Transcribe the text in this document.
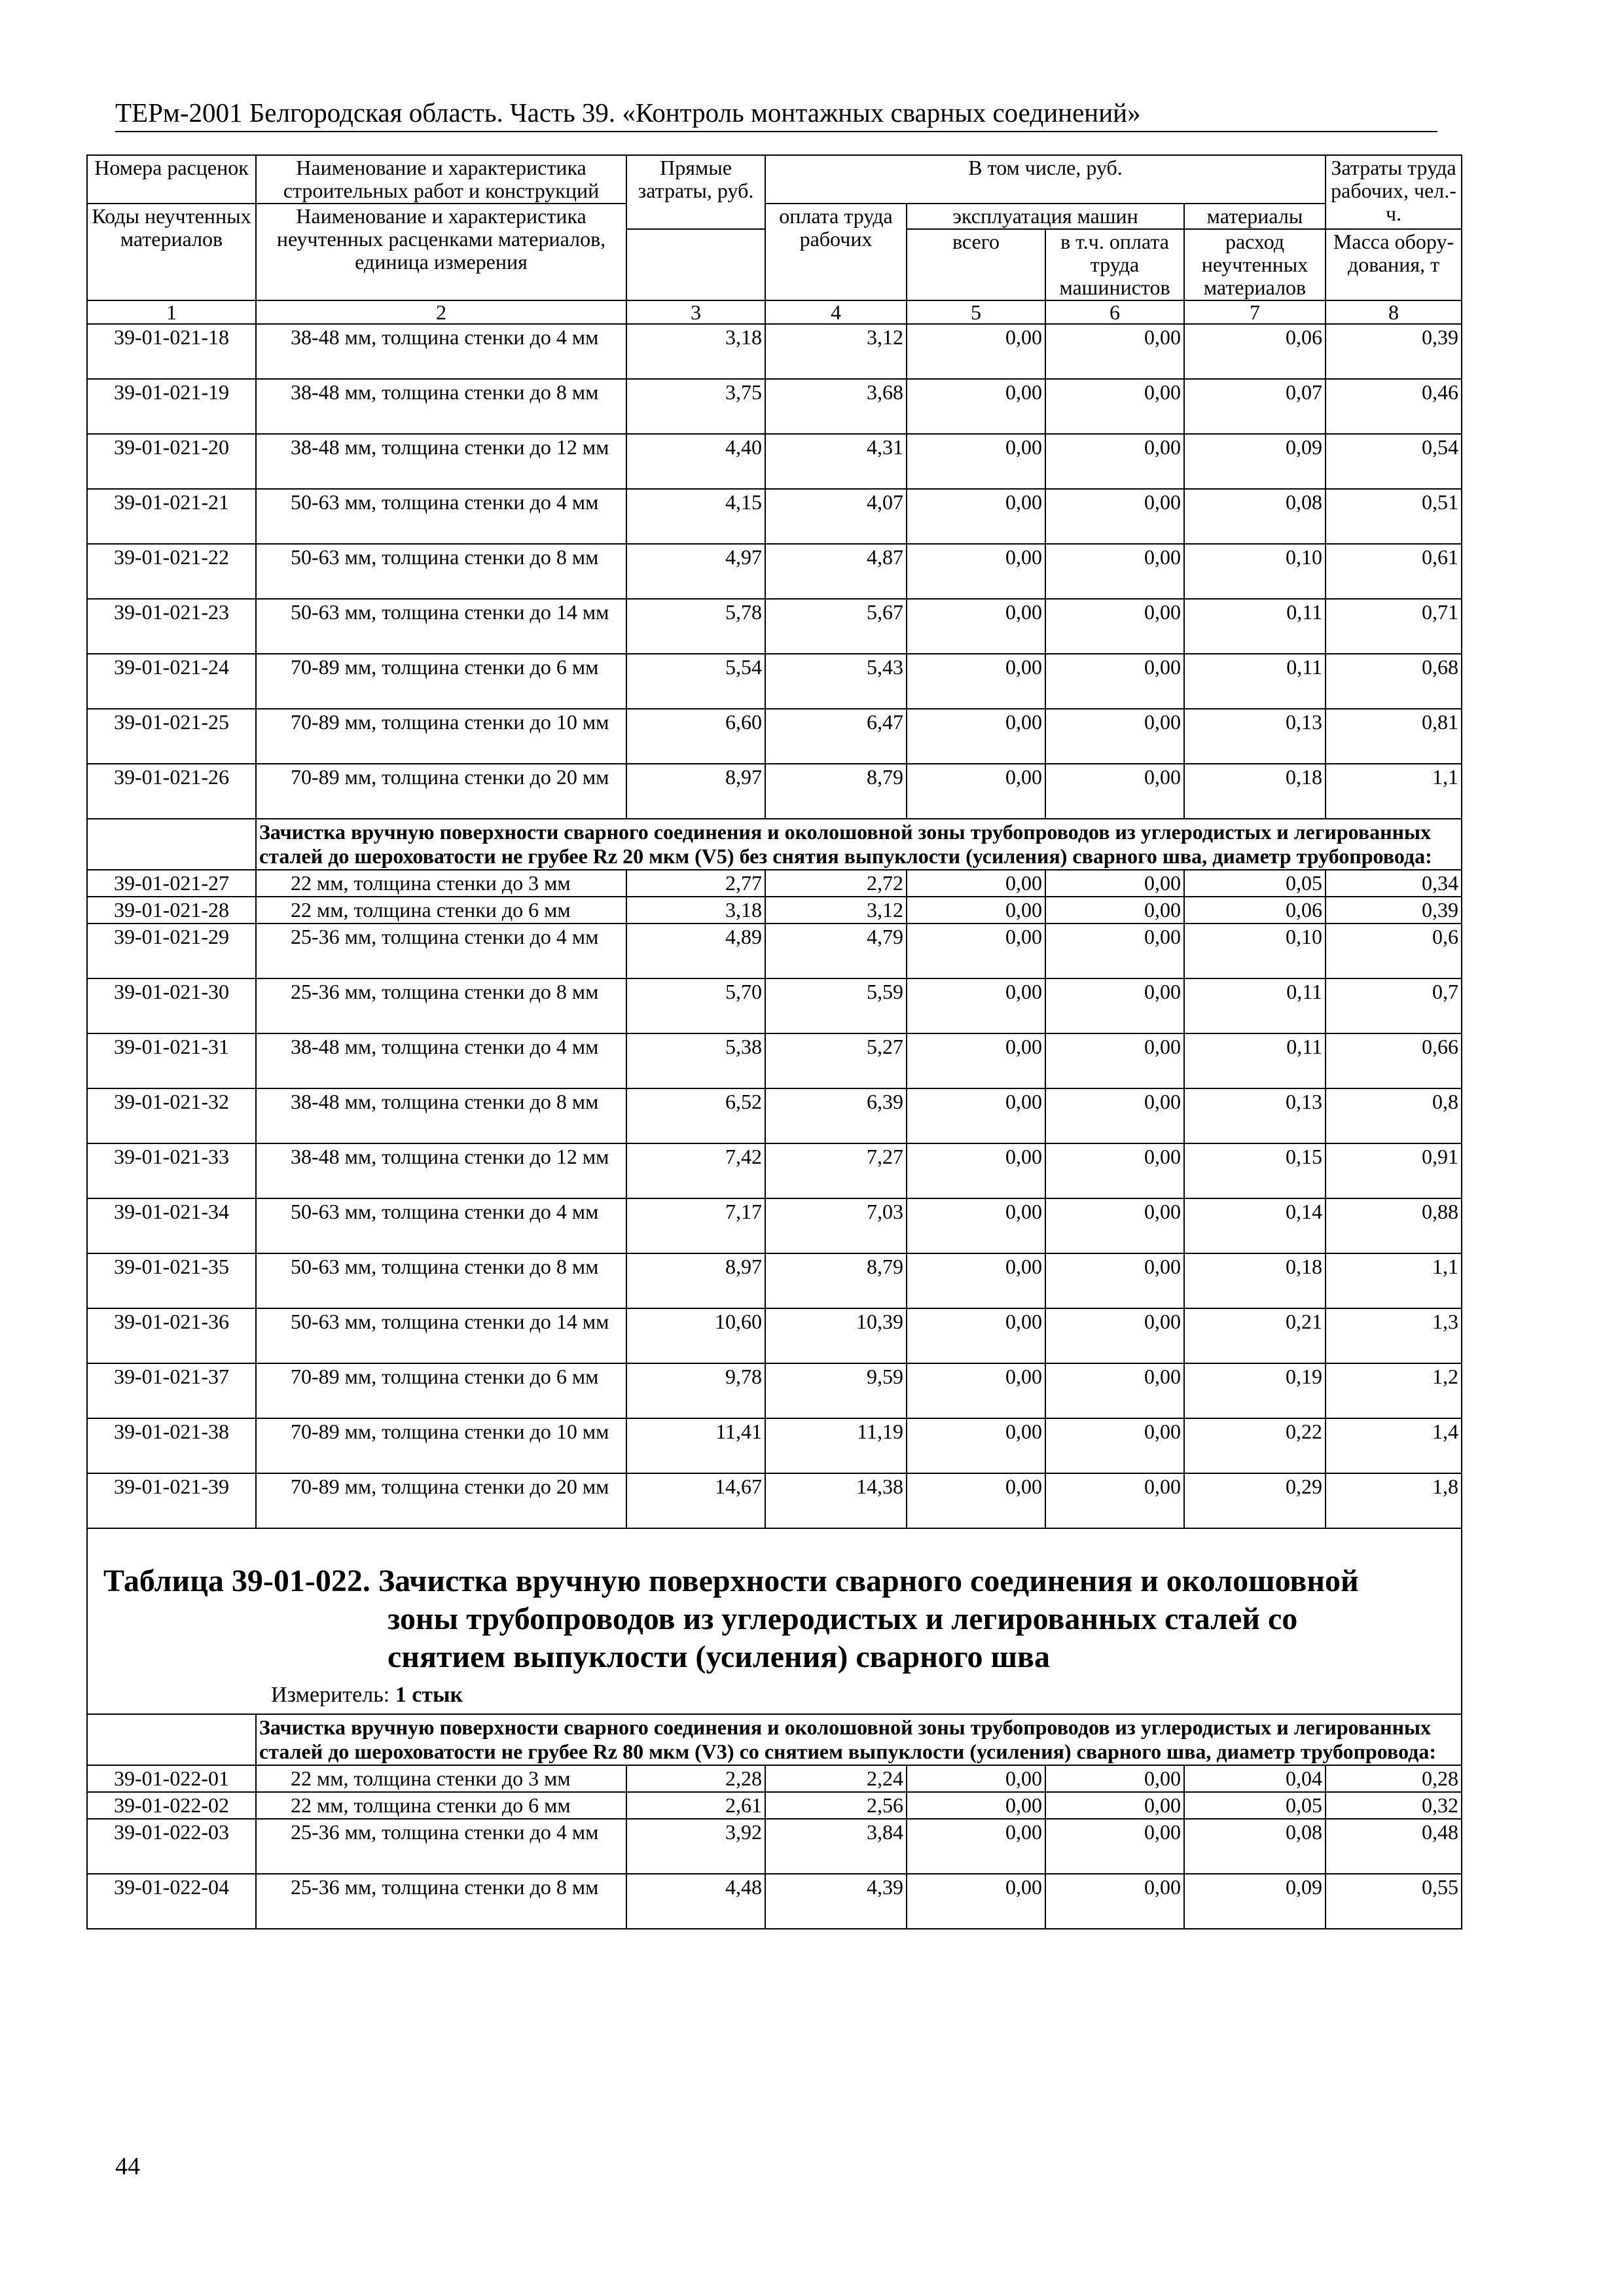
ТЕРм-2001 Белгородская область. Часть 39. «Контроль монтажных сварных соединений»
Номера расценок	Наименование и характеристика строительных работ и конструкций	Прямые затраты, руб.	В том числе, руб.				Затраты труда рабочих, чел.-ч.
Коды неучтенных материалов	Наименование и характеристика неучтенных расценками материалов, единица измерения		оплата труда рабочих	эксплуатация машин		материалы	
				всего	в т.ч. оплата труда машинистов	расход неучтенных материалов	Масса обору-дования, т

1	2	3	4	5	6	7	8
39-01-021-18	38-48 мм, толщина стенки до 4 мм	3,18	3,12	0,00	0,00	0,06	0,39
39-01-021-19	38-48 мм, толщина стенки до 8 мм	3,75	3,68	0,00	0,00	0,07	0,46
39-01-021-20	38-48 мм, толщина стенки до 12 мм	4,40	4,31	0,00	0,00	0,09	0,54
39-01-021-21	50-63 мм, толщина стенки до 4 мм	4,15	4,07	0,00	0,00	0,08	0,51
39-01-021-22	50-63 мм, толщина стенки до 8 мм	4,97	4,87	0,00	0,00	0,10	0,61
39-01-021-23	50-63 мм, толщина стенки до 14 мм	5,78	5,67	0,00	0,00	0,11	0,71
39-01-021-24	70-89 мм, толщина стенки до 6 мм	5,54	5,43	0,00	0,00	0,11	0,68
39-01-021-25	70-89 мм, толщина стенки до 10 мм	6,60	6,47	0,00	0,00	0,13	0,81
39-01-021-26	70-89 мм, толщина стенки до 20 мм	8,97	8,79	0,00	0,00	0,18	1,1
	Зачистка вручную поверхности сварного соединения и околошовной зоны трубопроводов из углеродистых и легированных сталей до шероховатости не грубее Rz 20 мкм (V5) без снятия выпуклости (усиления) сварного шва, диаметр трубопровода:						
39-01-021-27	22 мм, толщина стенки до 3 мм	2,77	2,72	0,00	0,00	0,05	0,34
39-01-021-28	22 мм, толщина стенки до 6 мм	3,18	3,12	0,00	0,00	0,06	0,39
39-01-021-29	25-36 мм, толщина стенки до 4 мм	4,89	4,79	0,00	0,00	0,10	0,6
39-01-021-30	25-36 мм, толщина стенки до 8 мм	5,70	5,59	0,00	0,00	0,11	0,7
39-01-021-31	38-48 мм, толщина стенки до 4 мм	5,38	5,27	0,00	0,00	0,11	0,66
39-01-021-32	38-48 мм, толщина стенки до 8 мм	6,52	6,39	0,00	0,00	0,13	0,8
39-01-021-33	38-48 мм, толщина стенки до 12 мм	7,42	7,27	0,00	0,00	0,15	0,91
39-01-021-34	50-63 мм, толщина стенки до 4 мм	7,17	7,03	0,00	0,00	0,14	0,88
39-01-021-35	50-63 мм, толщина стенки до 8 мм	8,97	8,79	0,00	0,00	0,18	1,1
39-01-021-36	50-63 мм, толщина стенки до 14 мм	10,60	10,39	0,00	0,00	0,21	1,3
39-01-021-37	70-89 мм, толщина стенки до 6 мм	9,78	9,59	0,00	0,00	0,19	1,2
39-01-021-38	70-89 мм, толщина стенки до 10 мм	11,41	11,19	0,00	0,00	0,22	1,4
39-01-021-39	70-89 мм, толщина стенки до 20 мм	14,67	14,38	0,00	0,00	0,29	1,8

Таблица 39-01-022. Зачистка вручную поверхности сварного соединения и околошовной
зоны трубопроводов из углеродистых и легированных сталей со
снятием выпуклости (усиления) сварного шва
Измеритель: 1 стык							

	Зачистка вручную поверхности сварного соединения и околошовной зоны трубопроводов из углеродистых и легированных сталей до шероховатости не грубее Rz 80 мкм (V3) со снятием выпуклости (усиления) сварного шва, диаметр трубопровода:						
39-01-022-01	22 мм, толщина стенки до 3 мм	2,28	2,24	0,00	0,00	0,04	0,28
39-01-022-02	22 мм, толщина стенки до 6 мм	2,61	2,56	0,00	0,00	0,05	0,32
39-01-022-03	25-36 мм, толщина стенки до 4 мм	3,92	3,84	0,00	0,00	0,08	0,48
39-01-022-04	25-36 мм, толщина стенки до 8 мм	4,48	4,39	0,00	0,00	0,09	0,55
44
